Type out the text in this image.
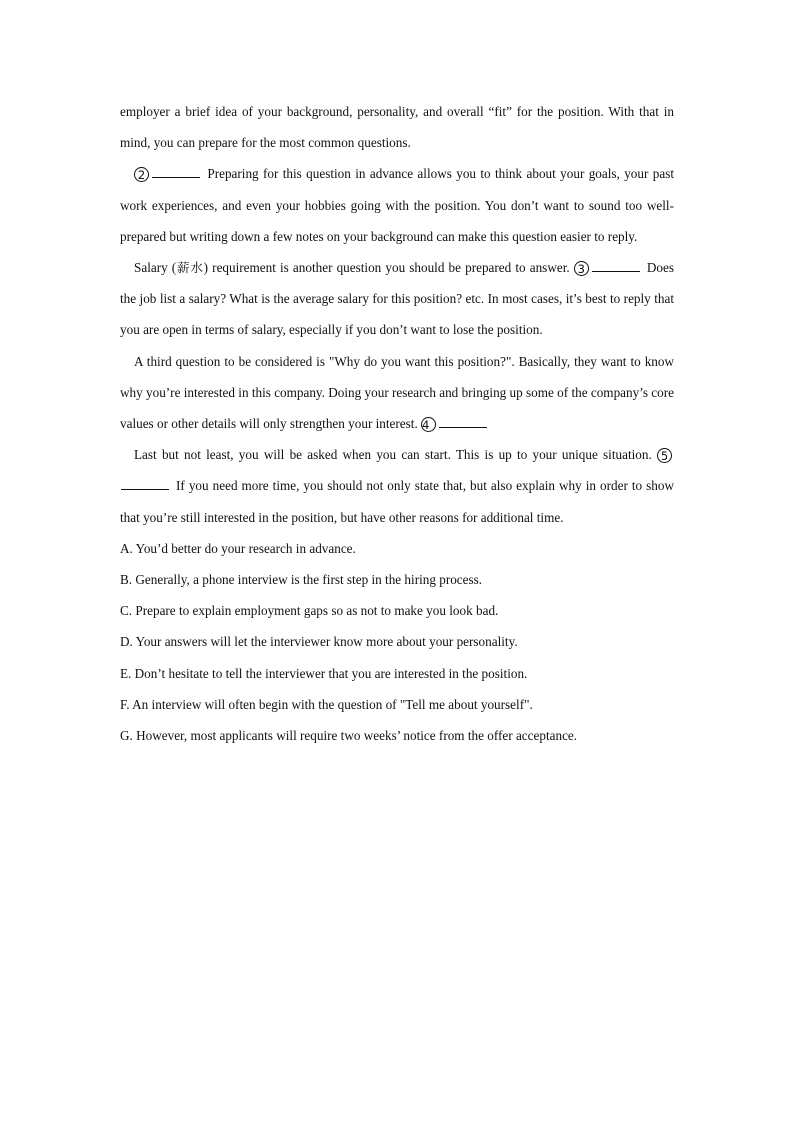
employer a brief idea of your background, personality, and overall “fit” for the position. With that in mind, you can prepare for the most common questions.

2	Preparing for this question in advance allows you to think about your goals, your past work experiences, and even your hobbies going with the position. You don’t want to sound too well-prepared but writing down a few notes on your background can make this question easier to reply.

Salary (薪水) requirement is another question you should be prepared to answer. 3	Does the job list a salary? What is the average salary for this position? etc. In most cases, it’s best to reply that you are open in terms of salary, especially if you don’t want to lose the position.

A third question to be considered is "Why do you want this position?". Basically, they want to know why you’re interested in this company. Doing your research and bringing up some of the company’s core values or other details will only strengthen your interest. 4

Last but not least, you will be asked when you can start. This is up to your unique situation. 5 If you need more time, you should not only state that, but also explain why in order to show that you’re still interested in the position, but have other reasons for additional time.

A. You’d better do your research in advance.

B. Generally, a phone interview is the first step in the hiring process.

C. Prepare to explain employment gaps so as not to make you look bad.

D. Your answers will let the interviewer know more about your personality.

E. Don’t hesitate to tell the interviewer that you are interested in the position.

F. An interview will often begin with the question of "Tell me about yourself".

G. However, most applicants will require two weeks’ notice from the offer acceptance.
